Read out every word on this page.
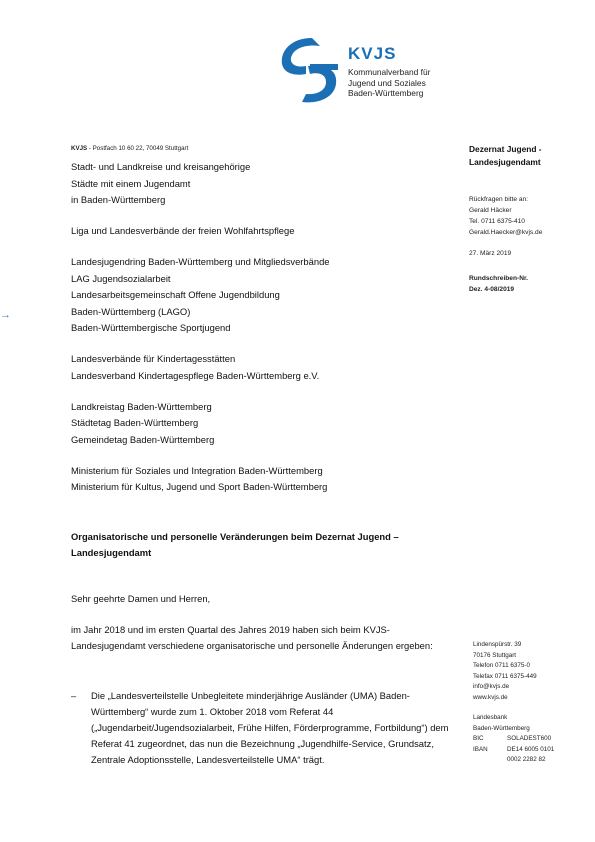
KVJS
Kommunalverband für
Jugend und Soziales
Baden-Württemberg
→
KVJS - Postfach 10 60 22, 70049 Stuttgart
Stadt- und Landkreise und kreisangehörige
Städte mit einem Jugendamt
in Baden-Württemberg
Liga und Landesverbände der freien Wohlfahrtspflege
Landesjugendring Baden-Württemberg und Mitgliedsverbände
LAG Jugendsozialarbeit
Landesarbeitsgemeinschaft Offene Jugendbildung
Baden-Württemberg (LAGO)
Baden-Württembergische Sportjugend
Landesverbände für Kindertagesstätten
Landesverband Kindertagespflege Baden-Württemberg e.V.
Landkreistag Baden-Württemberg
Städtetag Baden-Württemberg
Gemeindetag Baden-Württemberg
Ministerium für Soziales und Integration Baden-Württemberg
Ministerium für Kultus, Jugend und Sport Baden-Württemberg
Dezernat Jugend -
Landesjugendamt
Rückfragen bitte an:
Gerald Häcker
Tel. 0711 6375-410
Gerald.Haecker@kvjs.de
27. März 2019
Rundschreiben-Nr.
Dez. 4-08/2019
Organisatorische und personelle Veränderungen beim Dezernat Jugend – Landesjugendamt
Sehr geehrte Damen und Herren,
im Jahr 2018 und im ersten Quartal des Jahres 2019 haben sich beim KVJS-Landesjugendamt verschiedene organisatorische und personelle Änderungen ergeben:
– Die „Landesverteilstelle Unbegleitete minderjährige Ausländer (UMA) Baden-Württemberg“ wurde zum 1. Oktober 2018 vom Referat 44 („Jugendarbeit/Jugendsozialarbeit, Frühe Hilfen, Förderprogramme, Fortbildung“) dem Referat 41 zugeordnet, das nun die Bezeichnung „Jugendhilfe-Service, Grundsatz, Zentrale Adoptionsstelle, Landesverteilstelle UMA“ trägt.
Lindenspürstr. 39
70176 Stuttgart
Telefon 0711 6375-0
Telefax 0711 6375-449
info@kvjs.de
www.kvjs.de
Landesbank
Baden-Württemberg
BIC	SOLADEST600
IBAN	DE14 6005 0101
0002 2282 82
